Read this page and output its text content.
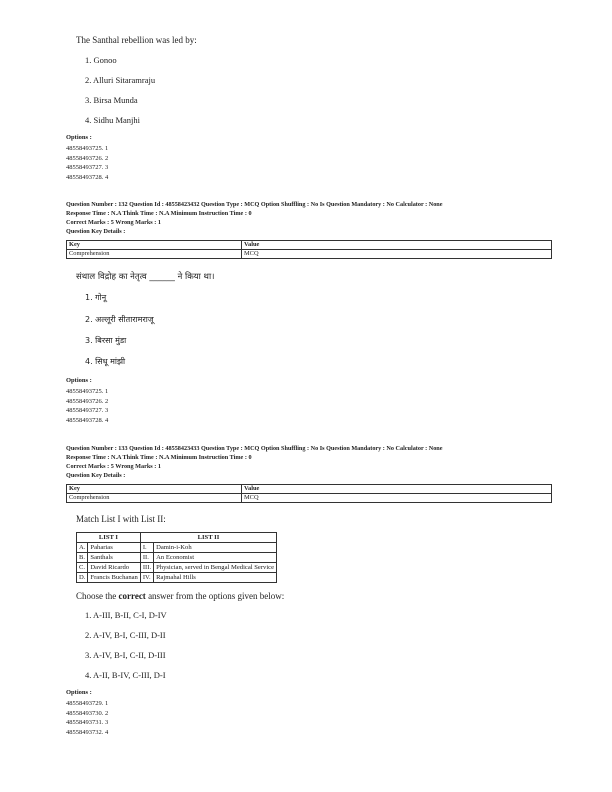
The Santhal rebellion was led by:
1. Gonoo
2. Alluri Sitaramraju
3. Birsa Munda
4. Sidhu Manjhi
Options :
48558493725. 1
48558493726. 2
48558493727. 3
48558493728. 4
Question Number : 132 Question Id : 48558423432 Question Type : MCQ Option Shuffling : No Is Question Mandatory : No Calculator : None
Response Time : N.A Think Time : N.A Minimum Instruction Time : 0
Correct Marks : 5 Wrong Marks : 1
Question Key Details :
Key	Value
Comprehension	MCQ
संथाल विद्रोह का नेतृत्व ______ ने किया था।
1. गोनू
2. अल्लूरी सीतारामराजू
3. बिरसा मुंडा
4. सिधू मांझी
Options :
48558493725. 1
48558493726. 2
48558493727. 3
48558493728. 4
Question Number : 133 Question Id : 48558423433 Question Type : MCQ Option Shuffling : No Is Question Mandatory : No Calculator : None
Response Time : N.A Think Time : N.A Minimum Instruction Time : 0
Correct Marks : 5 Wrong Marks : 1
Question Key Details :
Key	Value
Comprehension	MCQ
Match List I with List II:
LIST I		LIST II	
A.	Paharias	I.	Damin-i-Koh
B.	Santhals	II.	An Economist
C.	David Ricardo	III.	Physician, served in Bengal Medical Service
D.	Francis Buchanan	IV.	Rajmahal Hills
Choose the correct answer from the options given below:
1. A-III, B-II, C-I, D-IV
2. A-IV, B-I, C-III, D-II
3. A-IV, B-I, C-II, D-III
4. A-II, B-IV, C-III, D-I
Options :
48558493729. 1
48558493730. 2
48558493731. 3
48558493732. 4
